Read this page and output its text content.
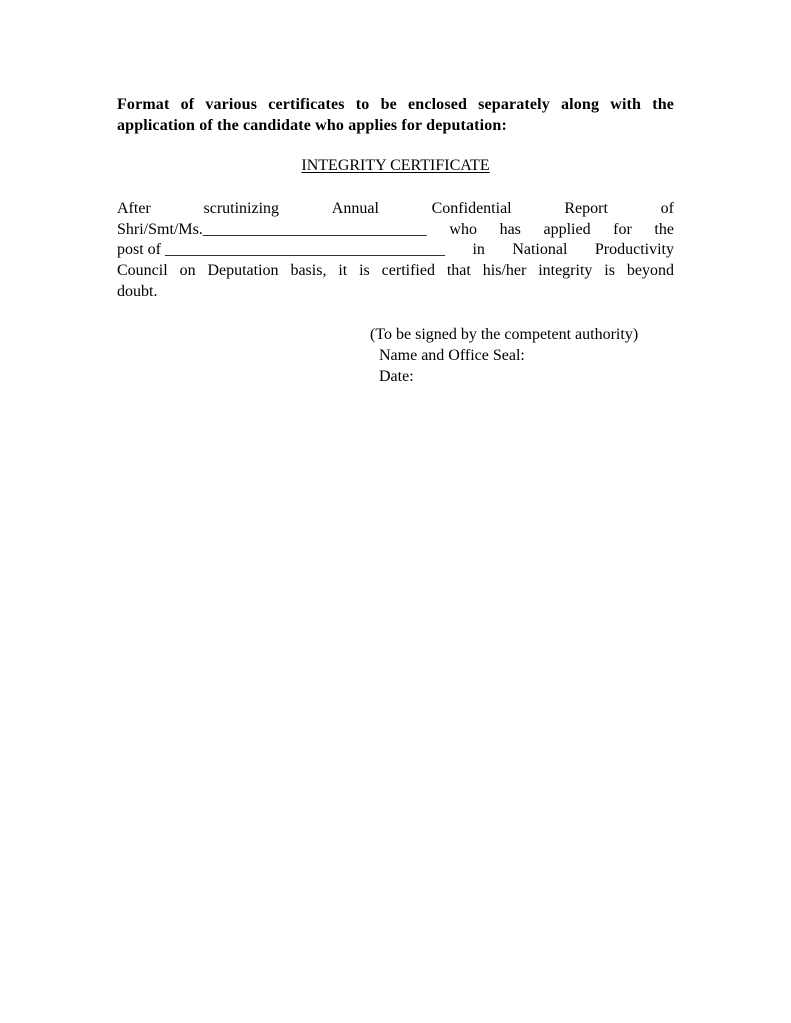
Format of various certificates to be enclosed separately along with the application of the candidate who applies for deputation:

INTEGRITY CERTIFICATE

After	scrutinizing	Annual	Confidential	Report	of
Shri/Smt/Ms.____________________________ who has applied for the
post of ___________________________________ in National Productivity
Council on Deputation basis, it is certified that his/her integrity is beyond
doubt.
(To be signed by the competent authority)
Name and Office Seal:
Date:
